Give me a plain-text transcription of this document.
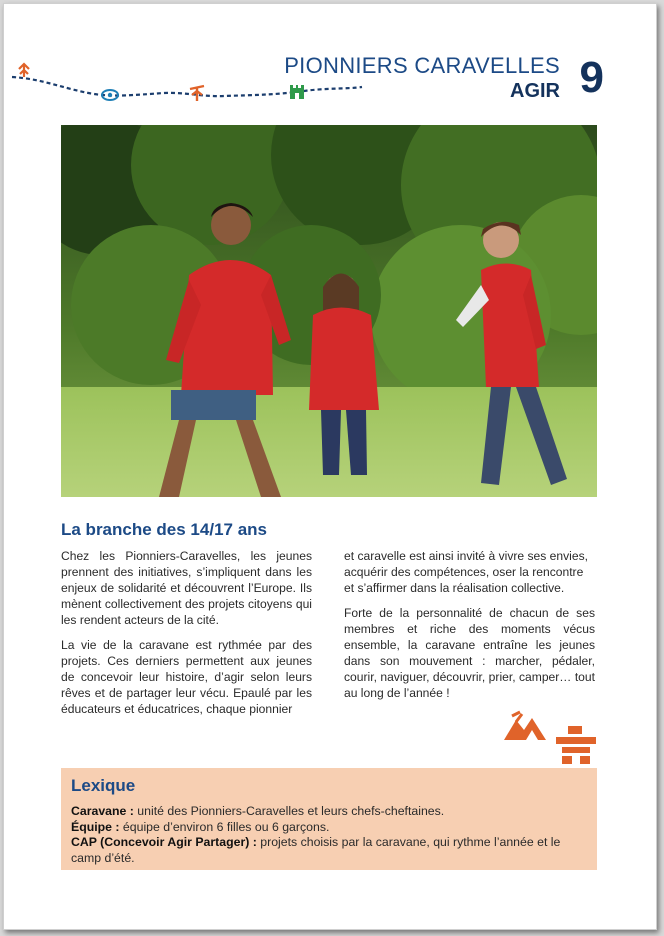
PIONNIERS CARAVELLES
AGIR 9
La branche des 14/17 ans

Chez les Pionniers-Caravelles, les jeunes prennent des initiatives, s’impliquent dans les enjeux de solidarité et découvrent l’Europe. Ils mènent collectivement des projets citoyens qui les rendent acteurs de la cité.

La vie de la caravane est rythmée par des projets. Ces derniers permettent aux jeunes de concevoir leur histoire, d’agir selon leurs rêves et de partager leur vécu. Epaulé par les éducateurs et éducatrices, chaque pionnier

et caravelle est ainsi invité à vivre ses envies, acquérir des compétences, oser la rencontre et s’affirmer dans la réalisation collective.

Forte de la personnalité de chacun de ses membres et riche des moments vécus ensemble, la caravane entraîne les jeunes dans son mouvement : marcher, pédaler, courir, naviguer, découvrir, prier, camper… tout au long de l’année !

Lexique
Caravane : unité des Pionniers-Caravelles et leurs chefs-cheftaines.
Équipe : équipe d’environ 6 filles ou 6 garçons.
CAP (Concevoir Agir Partager) : projets choisis par la caravane, qui rythme l’année et le camp d’été.
